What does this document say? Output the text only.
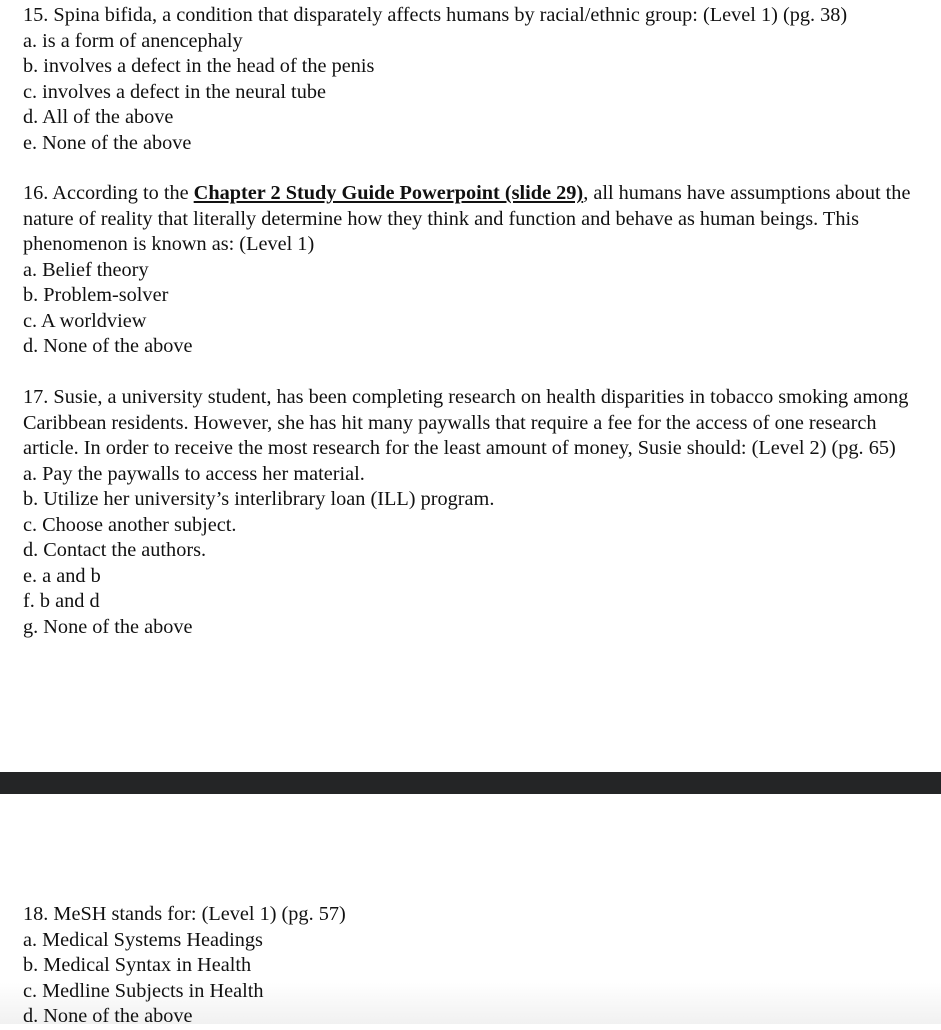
15. Spina bifida, a condition that disparately affects humans by racial/ethnic group: (Level 1) (pg. 38)

a. is a form of anencephaly

b. involves a defect in the head of the penis

c. involves a defect in the neural tube

d. All of the above

e. None of the above

16. According to the Chapter 2 Study Guide Powerpoint (slide 29), all humans have assumptions about the nature of reality that literally determine how they think and function and behave as human beings. This phenomenon is known as: (Level 1)

a. Belief theory

b. Problem-solver

c. A worldview

d. None of the above

17. Susie, a university student, has been completing research on health disparities in tobacco smoking among Caribbean residents. However, she has hit many paywalls that require a fee for the access of one research article. In order to receive the most research for the least amount of money, Susie should: (Level 2) (pg. 65)

a. Pay the paywalls to access her material.

b. Utilize her university’s interlibrary loan (ILL) program.

c. Choose another subject.

d. Contact the authors.

e. a and b

f. b and d

g. None of the above

18. MeSH stands for: (Level 1) (pg. 57)

a. Medical Systems Headings

b. Medical Syntax in Health

c. Medline Subjects in Health

d. None of the above
